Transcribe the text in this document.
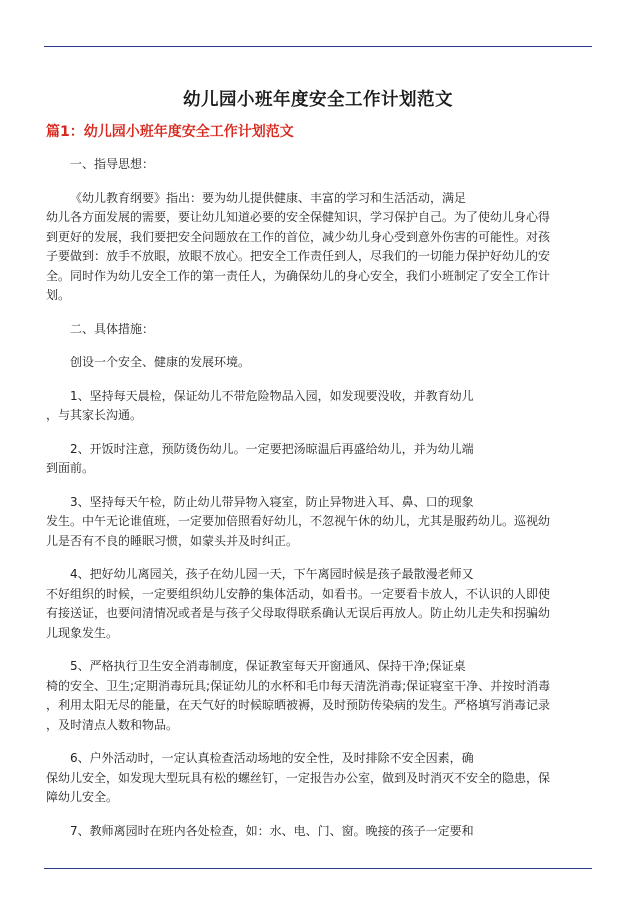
幼儿园小班年度安全工作计划范文
篇1：幼儿园小班年度安全工作计划范文

一、指导思想：

《幼儿教育纲要》指出：要为幼儿提供健康、丰富的学习和生活活动，满足
幼儿各方面发展的需要，要让幼儿知道必要的安全保健知识，学习保护自己。为了使幼儿身心得
到更好的发展，我们要把安全问题放在工作的首位，减少幼儿身心受到意外伤害的可能性。对孩
子要做到：放手不放眼，放眼不放心。把安全工作责任到人，尽我们的一切能力保护好幼儿的安
全。同时作为幼儿安全工作的第一责任人，为确保幼儿的身心安全，我们小班制定了安全工作计
划。

二、具体措施：

创设一个安全、健康的发展环境。

1、坚持每天晨检，保证幼儿不带危险物品入园，如发现要没收，并教育幼儿
，与其家长沟通。

2、开饭时注意，预防烫伤幼儿。一定要把汤晾温后再盛给幼儿，并为幼儿端
到面前。

3、坚持每天午检，防止幼儿带异物入寝室，防止异物进入耳、鼻、口的现象
发生。中午无论谁值班，一定要加倍照看好幼儿，不忽视午休的幼儿，尤其是服药幼儿。巡视幼
儿是否有不良的睡眠习惯，如蒙头并及时纠正。

4、把好幼儿离园关，孩子在幼儿园一天，下午离园时候是孩子最散漫老师又
不好组织的时候，一定要组织幼儿安静的集体活动，如看书。一定要看卡放人，不认识的人即使
有接送证，也要问清情况或者是与孩子父母取得联系确认无误后再放人。防止幼儿走失和拐骗幼
儿现象发生。

5、严格执行卫生安全消毒制度，保证教室每天开窗通风、保持干净;保证桌
椅的安全、卫生;定期消毒玩具;保证幼儿的水杯和毛巾每天清洗消毒;保证寝室干净、并按时消毒
，利用太阳无尽的能量，在天气好的时候晾晒被褥，及时预防传染病的发生。严格填写消毒记录
，及时清点人数和物品。

6、户外活动时，一定认真检查活动场地的安全性，及时排除不安全因素，确
保幼儿安全，如发现大型玩具有松的螺丝钉，一定报告办公室，做到及时消灭不安全的隐患，保
障幼儿安全。

7、教师离园时在班内各处检查，如：水、电、门、窗。晚接的孩子一定要和
